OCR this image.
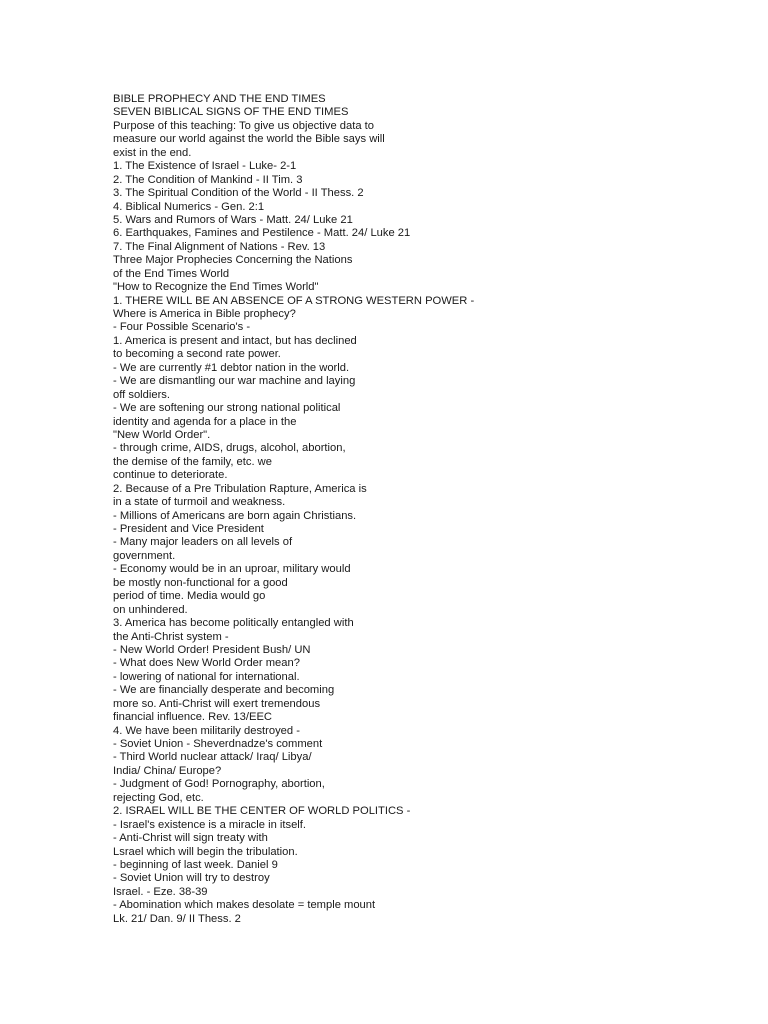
BIBLE PROPHECY AND THE END TIMES
SEVEN BIBLICAL SIGNS OF THE END TIMES
Purpose of this teaching: To give us objective data to
measure our world against the world the Bible says will
exist in the end.
1. The Existence of Israel - Luke- 2-1
2. The Condition of Mankind - II Tim. 3
3. The Spiritual Condition of the World - II Thess. 2
4. Biblical Numerics - Gen. 2:1
5. Wars and Rumors of Wars - Matt. 24/ Luke 21
6. Earthquakes, Famines and Pestilence - Matt. 24/ Luke 21
7. The Final Alignment of Nations - Rev. 13
Three Major Prophecies Concerning the Nations
of the End Times World
"How to Recognize the End Times World"
1. THERE WILL BE AN ABSENCE OF A STRONG WESTERN POWER -
Where is America in Bible prophecy?
- Four Possible Scenario's -
1. America is present and intact, but has declined
to becoming a second rate power.
- We are currently #1 debtor nation in the world.
- We are dismantling our war machine and laying
off soldiers.
- We are softening our strong national political
identity and agenda for a place in the
"New World Order".
- through crime, AIDS, drugs, alcohol, abortion,
the demise of the family, etc. we
continue to deteriorate.
2. Because of a Pre Tribulation Rapture, America is
in a state of turmoil and weakness.
- Millions of Americans are born again Christians.
- President and Vice President
- Many major leaders on all levels of
government.
- Economy would be in an uproar, military would
be mostly non-functional for a good
period of time. Media would go
on unhindered.
3. America has become politically entangled with
the Anti-Christ system -
- New World Order! President Bush/ UN
- What does New World Order mean?
- lowering of national for international.
- We are financially desperate and becoming
more so. Anti-Christ will exert tremendous
financial influence. Rev. 13/EEC
4. We have been militarily destroyed -
- Soviet Union - Sheverdnadze's comment
- Third World nuclear attack/ Iraq/ Libya/
India/ China/ Europe?
- Judgment of God! Pornography, abortion,
rejecting God, etc.
2. ISRAEL WILL BE THE CENTER OF WORLD POLITICS -
- Israel's existence is a miracle in itself.
- Anti-Christ will sign treaty with
Lsrael which will begin the tribulation.
- beginning of last week. Daniel 9
- Soviet Union will try to destroy
Israel. - Eze. 38-39
- Abomination which makes desolate = temple mount
Lk. 21/ Dan. 9/ II Thess. 2
